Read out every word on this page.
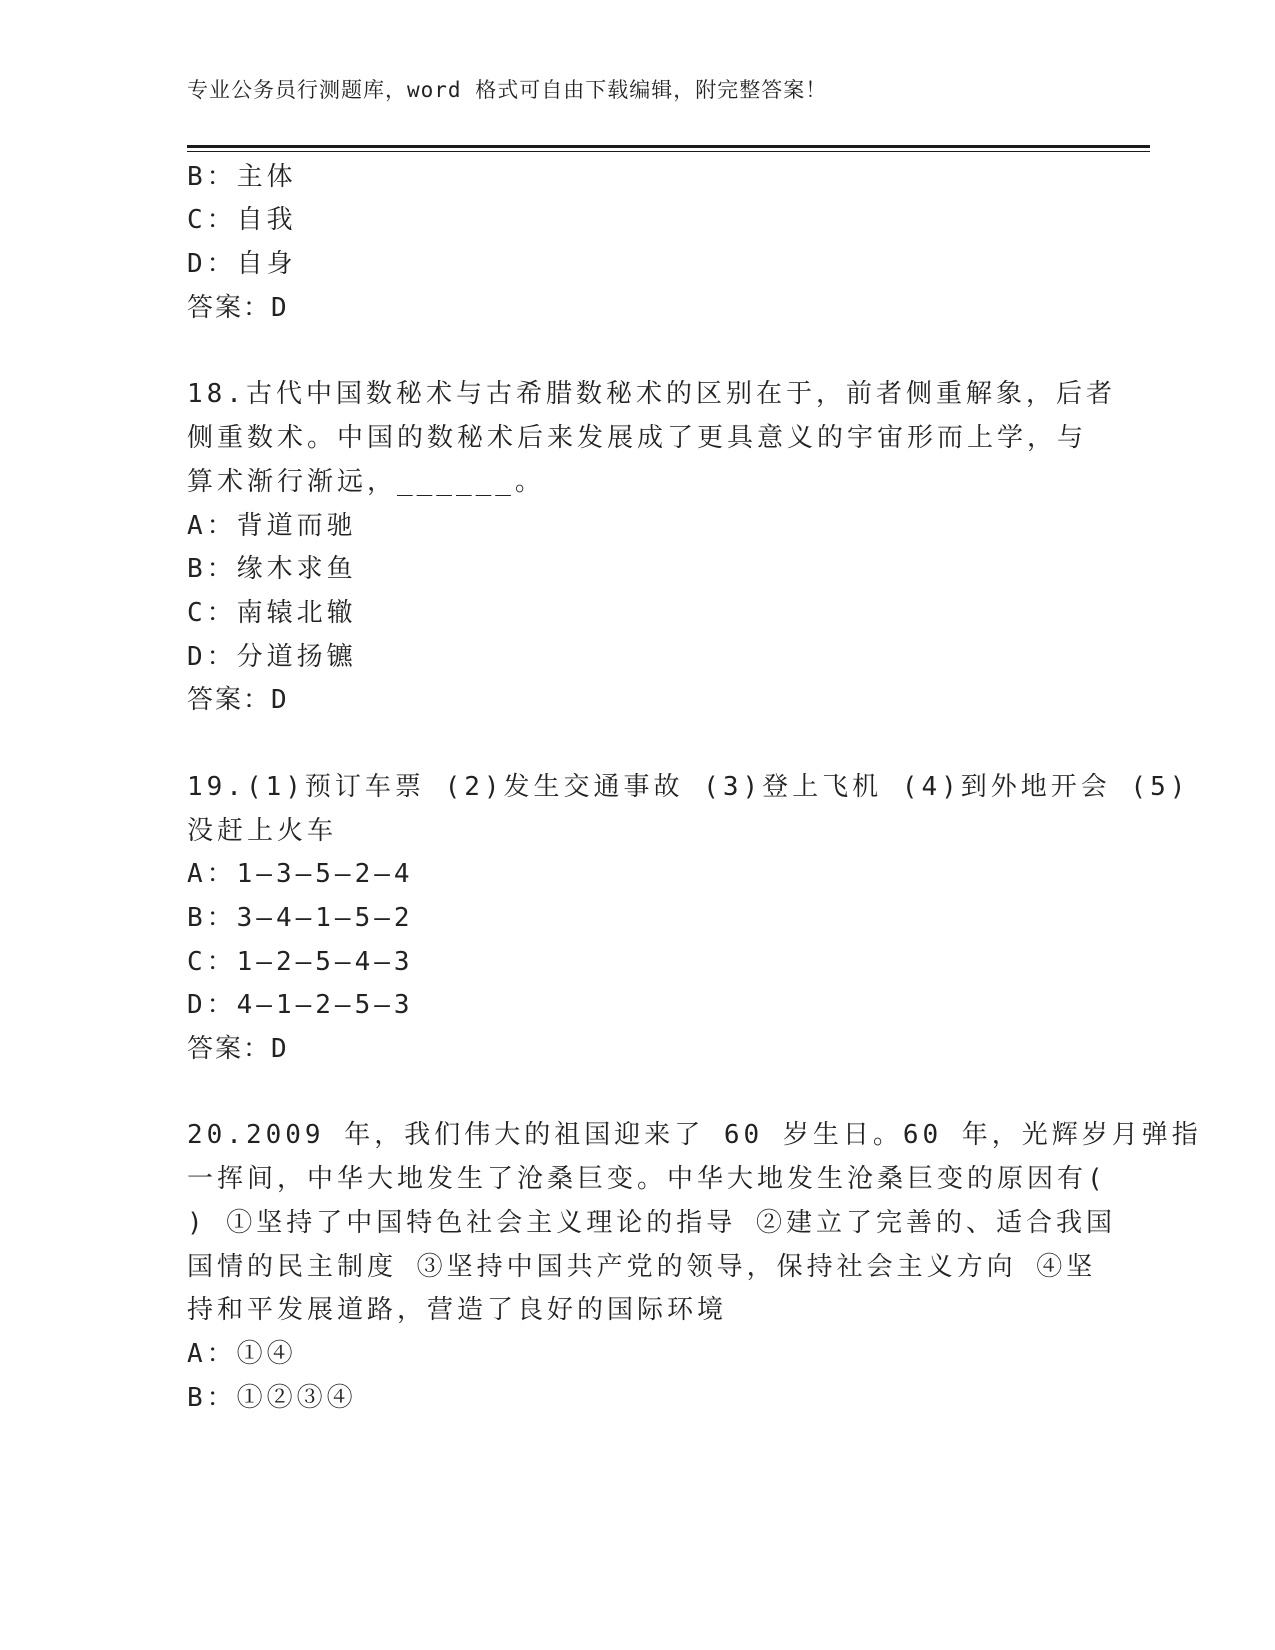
专业公务员行测题库，word 格式可自由下载编辑，附完整答案！
B：主体
C：自我
D：自身
答案：D
18.古代中国数秘术与古希腊数秘术的区别在于，前者侧重解象，后者
侧重数术。中国的数秘术后来发展成了更具意义的宇宙形而上学，与
算术渐行渐远，______。
A：背道而驰
B：缘木求鱼
C：南辕北辙
D：分道扬镳
答案：D
19.(1)预订车票 (2)发生交通事故 (3)登上飞机 (4)到外地开会 (5)
没赶上火车
A：1—3—5—2—4
B：3—4—1—5—2
C：1—2—5—4—3
D：4—1—2—5—3
答案：D
20.2009 年，我们伟大的祖国迎来了 60 岁生日。60 年，光辉岁月弹指
一挥间，中华大地发生了沧桑巨变。中华大地发生沧桑巨变的原因有(
) ①坚持了中国特色社会主义理论的指导 ②建立了完善的、适合我国
国情的民主制度 ③坚持中国共产党的领导，保持社会主义方向 ④坚
持和平发展道路，营造了良好的国际环境
A：①④
B：①②③④
